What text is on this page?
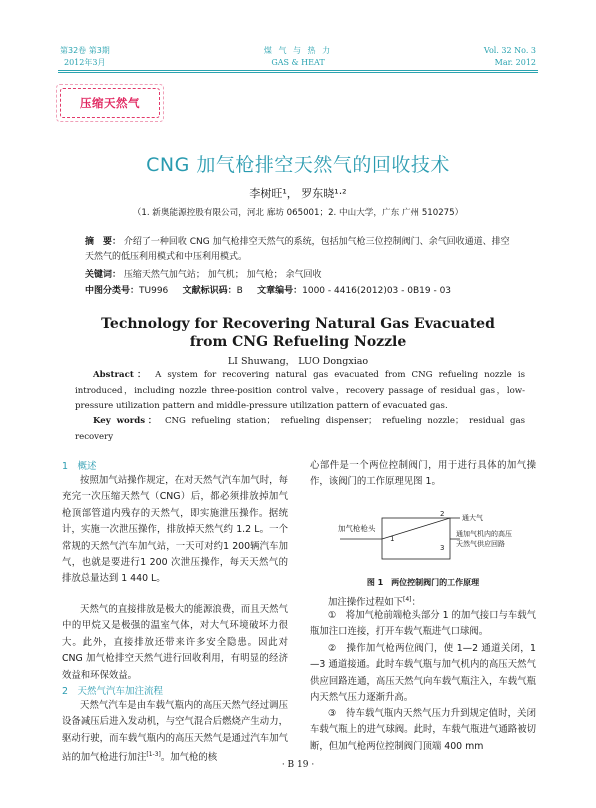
第32卷 第3期
2012年3月
煤 气 与 热 力
GAS & HEAT
Vol. 32 No. 3
Mar. 2012
压缩天然气
CNG 加气枪排空天然气的回收技术
李树旺¹， 罗东晓¹·²
（1. 新奥能源控股有限公司，河北 廊坊 065001；2. 中山大学，广东 广州 510275）
摘　要： 介绍了一种回收 CNG 加气枪排空天然气的系统，包括加气枪三位控制阀门、余气回收通道、排空天然气的低压利用模式和中压利用模式。
关键词： 压缩天然气加气站； 加气机； 加气枪； 余气回收
中图分类号：TU996 文献标识码：B 文章编号：1000 - 4416(2012)03 - 0B19 - 03
Technology for Recovering Natural Gas Evacuated
from CNG Refueling Nozzle
LI Shuwang， LUO Dongxiao
Abstract： A system for recovering natural gas evacuated from CNG refueling nozzle is introduced，including nozzle three-position control valve，recovery passage of residual gas，low-pressure utilization pattern and middle-pressure utilization pattern of evacuated gas.
Key words： CNG refueling station； refueling dispenser； refueling nozzle； residual gas recovery
1　概述
按照加气站操作规定，在对天然气汽车加气时，每充完一次压缩天然气（CNG）后，都必须排放掉加气枪顶部管道内残存的天然气，即实施泄压操作。据统计，实施一次泄压操作，排放掉天然气约 1.2 L。一个常规的天然气汽车加气站，一天可对约1 200辆汽车加气，也就是要进行1 200 次泄压操作，每天天然气的排放总量达到 1 440 L。
天然气的直接排放是极大的能源浪费，而且天然气中的甲烷又是极强的温室气体，对大气环境破坏力很大。此外，直接排放还带来许多安全隐患。因此对 CNG 加气枪排空天然气进行回收利用，有明显的经济效益和环保效益。
2　天然气汽车加注流程
天然气汽车是由车载气瓶内的高压天然气经过调压设备减压后进入发动机，与空气混合后燃烧产生动力，驱动行驶，而车载气瓶内的高压天然气是通过汽车加气站的加气枪进行加注[1-3]。加气枪的核
心部件是一个两位控制阀门，用于进行具体的加气操作，该阀门的工作原理见图 1。
加气枪枪头
1
2
3
通大气
通加气机内的高压
天然气供应回路
图 1　两位控制阀门的工作原理
加注操作过程如下[4]：
①　将加气枪前端枪头部分 1 的加气接口与车载气瓶加注口连接，打开车载气瓶进气口球阀。
②　操作加气枪两位阀门，使 1—2 通道关闭，1—3 通道接通。此时车载气瓶与加气机内的高压天然气供应回路连通，高压天然气向车载气瓶注入，车载气瓶内天然气压力逐渐升高。
③　待车载气瓶内天然气压力升到规定值时，关闭车载气瓶上的进气球阀。此时，车载气瓶进气通路被切断，但加气枪两位控制阀门顶端 400 mm
· B 19 ·
